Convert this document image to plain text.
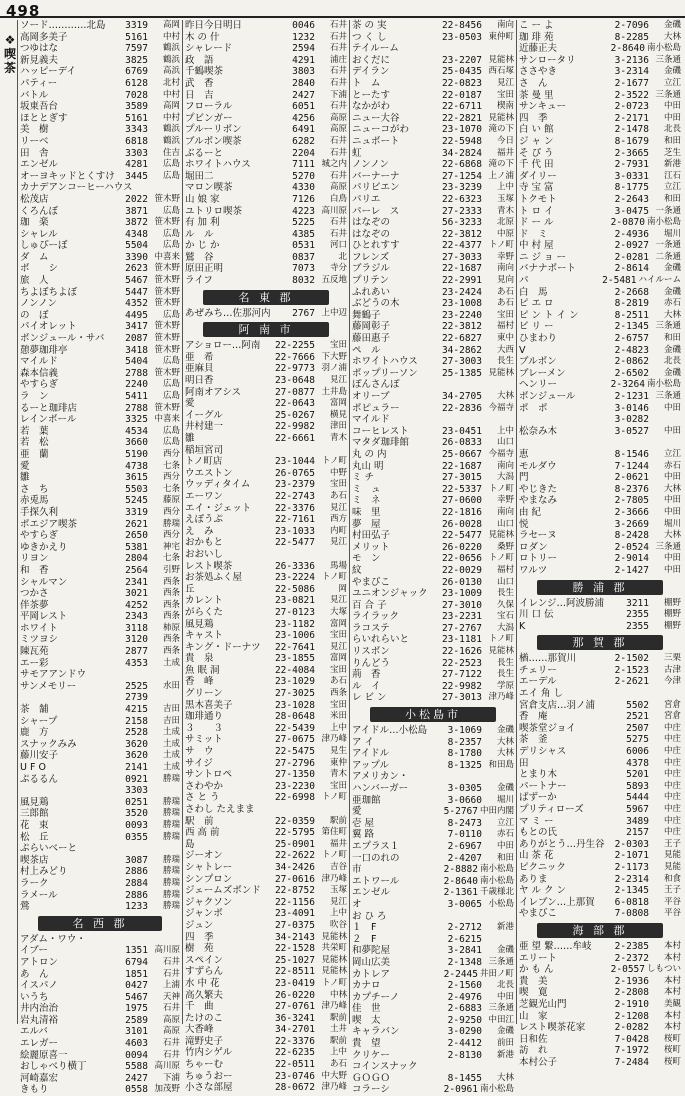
498
❖喫茶
ソード…………北島	3319	高岡
高岡多美子	5161	中村
つゆはな	7597	鶴浜
新見義夫	3825	鶴浜
ハッピーデイ	6769	高浜
パティー	6128	北村
バトル	7028	中村
坂東吾台	3589	高岡
ほととぎす	5161	中村
美　樹	3343	鶴浜
リーベ	6818	鶴浜
田　舎	3303	住吉
エンゼル	4281	広島
オーヨキッドとくすけ	3445	広島
カナデアンコーヒーハウス
松茂店	2022 笹木野
くろんぼ	3871	広島
珈　楽	3872 笹木野
シャレル	4348	広島
しゅぴーぼ	5504	広島
ダ　ム	3390 中喜来
ボ　　シ	2623 笹木野
旅　人	5467 笹木野
ちよぼちよぼ	5447 笹木野
ノンノン	4352 笹木野
の　ぼ	4495	広島
パイオレット	3417 笹木野
ボンジュール・サバ	2087 笹木野
憩夢珈琲亭	3418 笹木野
マイルド	5404	広島
森本信義	2788 笹木野
やすらぎ	2240	広島
ラ　ン	5411	広島
るーと珈琲店	2788 笹木野
レインボール	3325 中喜来
若　葉	4534	広島
若　松	3660	広島
亜　蘭	5190	西分
愛	4738	七条
雛	3615	西分
さ　ち	5503	七条
赤兎馬	5245	藤原
手探久利	3319	西分
ポエジア喫茶	2621	勝瑞
やすらぎ	2650	西分
ゆきかえり	5381	神宅
リヨン	2804	七条
和　香	2564	引野
シャルマン	2341	西条
つかさ	3021	西条
伴茶夢	4252	西条
平岡レスト	2343	西条
ホワイト	3118	柿原
ミツヨシ	3120	西条
陳瓦苑	2877	西条
エー彩	4353	土成
サモアアンドウ
サンメモリー	2525	水田
2739
茶　舗	4215	吉田
シャープ	2158	吉田
鹿　方	2528	土成
スナックみみ	3620	土成
藤川安子	3620	土成
U F O	2141	土成
ぷるるん	0921	勝瑞
3303
風見鶏	0251	勝瑞
三郎館	3520	勝瑞
花　束	0093	勝瑞
松　丘	0355	勝瑞
ぷらいべーと
喫茶店	3087	勝瑞
村上みどり	2886	勝瑞
ラーク	2884	勝瑞
ラメール	2886	勝瑞
鶯	1233	勝瑞
名 西 郡
アダム・ワウ・
イブー	1351 高川原
アトロン	6794	石井
あ　ん	1851	石井
イスパノ	0427	上浦
いうち	5467	天神
井内治治	1975	石井
岩丸清裕	2589	高原
エルバ	3101	高原
エレガー	4603	石井
絵麗原喜一	0094	石井
おしゃべり横丁	5588 高川原
河崎嘉宏	2427	下浦
きもり	0558 加茂野
昨日今日明日	0046	石井
木 の 什	1232	石井
シャレード	2594	石井
政　語	4291	浦庄
千鶴喫茶	3803	石井
武　香	2840	石井
日　吉	2427	下浦
フローラル	6051	石井
プビンガー	4256	高原
プルーリボン	6491	高原
ブルボン喫茶	6282	石井
ぶるーと	2204	石井
ホワイトハウス	7111 城之内
堀田二	5270	石井
マロン喫茶	4330	高原
山 娘 家	7126	白鳥
ユトリロ喫茶	4223 高川原
有 加 利	5225	石井
ル　ル	4385	石井
か じ か	0531	河口
鷲　谷	0837	北
原田正明	7073	寺分
ライフ	8032 五反地
名 東 郡
あぜみち…佐那河内	2767 上中辺
阿 南 市
アショロー…阿南	22-2255	宝田
亜　希	22-7666 下大野
亜麻貝	22-9773 羽ノ浦
明日香	23-0648	見江
阿南オアシス	27-0877 土井島
愛	22-0643	富岡
イーグル	25-0267	横見
井村建一	22-9982	津田
雛	22-6661	青木
稲垣宮司
トノ町店	23-1044 トノ町
ウエストン	26-0765	中野
ウッディタイム	23-2379	宝田
エーワン	22-2743	あ石
エイ・ジェット	22-3376	見江
えぽうぷ	22-7161	西方
え　み	23-1033	内町
おかもと	22-5477	見江
おおいし
レスト喫茶	26-3336	馬場
お茶処ふく屋	23-2224 トノ町
丘	22-5086	岡
カレント	23-0821	見江
がらくた	27-0123	大塚
風見鶏	23-1182	富岡
キャスト	23-1006	宝田
キング・ドーナツ	22-7641	見江
貴　泉	23-1855	富岡
魚 眠 洞	22-4084	宝田
香　峰	23-1029	あ石
グリーン	27-3025	西条
黒木喜美子	23-1028	宝田
珈琲通り	28-0648	米田
３　　３	22-5439	上中
サミット	27-0675 津乃峰
サ　ウ	22-5475	見生
サイジ	27-2796	東仲
サントロペ	27-1350	青木
さわやか	23-2230	宝田
さ と う	22-6998 トノ町
さわし たえまま
駅　前	22-0359	駅前
西 高 前	22-5795 第住町
島	25-0901	福井
ジーオン	22-2622 トノ町
シャトレー	34-2426	吉谷
シンプロン	27-0616 津乃峰
ジェームズボンド	22-8752	玉塚
ジャクソン	22-1156	見江
ジャンボ	23-4091	上中
ジュン	27-0375	吹谷
四　季	34-2143 見能林
樹　苑	22-1528 共栄町
スペイン	25-1027 見能林
すずらん	22-8511 見能林
水 中 花	23-0419 トノ町
高久繁夫	26-0220	中林
千　曲	27-0761 津乃峰
たけのこ	36-3241	駅前
大香峰	34-2701	土井
滝野史子	22-3376	駅前
竹内シゲル	22-6235	上中
ちゃーむ	22-0511	あ石
ちゅうおー	23-0746 中大野
小さな部屋	28-0672 津乃峰
茶 の 実	22-8456	南向
つ く し	23-0503 東仲町
テイルーム
おくだに	23-2207 見能林
デイラン	25-0435 西石塚
ト　ム	22-0823	見江
とーたす	22-0187	宝田
なかがわ	22-6711	楔南
ニュー大谷	22-2821 見能林
ニューコがわ	23-1070 滝の下
ニュボート	22-5948	今日
虹	34-2824	福井
ノンノン	22-6868 滝の下
バーナーナ	27-1254 上ノ浦
パリビエン	23-3239	上中
パリエ	22-6323	玉塚
パーレ　ス	27-2333	青木
はなぞの	56-3233	北原
はなぞの	22-3812	中原
ひとれすす	22-4377 トノ町
フレンズ	27-3033	幸野
ブラジル	22-1687	南向
プリテン	22-2991	見向
ふれあい	23-2424	あ石
ぶどうの木	23-1008	あ石
舞鶴子	23-2240	宝田
藤岡彰子	22-3812	福村
藤田惠子	22-6827	東中
ペ　ル	34-2862	大西
ホワイトハウス	27-3003	長生
ポップリーソン	25-1385 見能林
ぽんさんぽ
オリーブ	34-2705	大林
ポピュラー	22-2836 今福寺
マイルド
コーヒレスト	23-0451	上中
マタダ珈琲館	26-0833	山口
丸 の 内	25-0667 今福寺
丸山 明	22-1687	南向
ミ チ	27-3015	大潟
ミ　ュ	22-5337 トノ町
ミ　ネ	27-0600	幸野
味　里	22-1816	南向
夢　屋	26-0028	山口
村田弘子	22-5477 見能林
メリット	26-0220	桑野
モ　ン	22-0656 トノ町
紋	22-0029	福村
やまびこ	26-0130	山口
ユニオンジャック	23-1009	長生
百 合 子	27-3010	久保
ライラック	23-2231	宝石
ラコステ	27-2767	大潟
らいれらいと	23-1181 トノ町
リスボン	22-1626 見能林
りんどう	22-2523	長生
荊　香	27-7122	長生
ル　イ	22-9982	学原
レ ビ ン	27-3013 津乃峰
小松島市
アイドル…小松島	3-1069	金磯
ア イ	8-2357	大林
アイドル	8-1780	大林
アップル	8-1325 和田島
アメリカン・
ハンバーガー	3-0305	金磯
亜珈館	3-0660	堀川
愛	5-2767 中田内閣
壱 屋	8-2473	立江
翼 路	7-0110	赤石
エプラス１	2-6967	中田
一口のれの	2-4207	和田
市	2-8882 南小松島
エトワール	2-8640 南小松島
エンゼル	2-1361 千歳様北
オ	3-0065 小松島
お ひ ろ
１　F	2-2712	新港
２　F	2-6215
和夢陀屋	3-2841	金磯
岡山広美	2-1348 三条通
カトレア	2-2445 井田ノ町
カナロ	2-1560	北長
カプチーノ	2-4976	中田
佳　世	2-6883 三条通
喫　太	2-9250 中田江
キャラバン	3-0290	金磯
貴　望	2-4412	前田
クリケー	2-8130	新港
コインスナック
ＧＯＧＯ	8-1455	大林
コラーシ	2-0961 南小松島
こ ー よ	2-7096	金磯
珈 琲 苑	8-2285	大林
近藤正夫	2-8640 南小松島
サンロータリ	3-2136 三条通
ささやき	3-2314	金磯
さ　ん	2-1677	立江
茶 曼 里	2-3522 三条通
サンキュー	2-0723	中田
四　季	2-2171	中田
白 い 館	2-1478	北長
ジ ャ ン	8-1679	和田
そ ぴ う	2-3665	芝生
千 代 田	2-7931	新港
ダイリー	3-0331	江石
寺 宝 富	8-1775	立江
トクモト	2-2643	和田
ト ロ イ	3-0475 一条通
ド ー ル	2-0870 南小松島
ド　ミ	2-4936	堀川
中 村 屋	2-0927 一条通
ニ ジ ョ ー	2-0281 二条通
バナナボート	2-8614	金磯
パ	2-5481 ハイルーム
白　馬	2-2668	金磯
ピ エ ロ	8-2819	赤石
ピ ン ト イ ン	8-2511	大林
ビ リ ー	2-1345 三条通
ひまわり	2-6757	和田
V	2-4823	金磯
ブルボン	2-0862	北長
ブレーメン	2-6502	金磯
ヘンリー	2-3264 南小松島
ボンジュール	2-1231 三条通
ポ　ポ	3-0146	中田
3-0282
松奈み木	3-0527	中田
恵	8-1546	立江
モルダウ	7-1244	赤石
門	2-0621	中田
やじきた	8-2376	大林
やまなみ	2-7805	中田
由 紀	2-3666	中田
悦	3-2669	堀川
ラセーヌ	8-2428	大林
ロダン	2-0524 三条通
ロトリー	2-9014	中田
ワルツ	2-1427	中田
勝 浦 郡
イレンジ…阿波勝浦	3211	棚野
川 口 伝	2355	棚野
K	2355	棚野
那 賀 郡
楢……那賀川	2-1502	三栗
チェリー	2-1523	古津
エーデル	2-2621	今津
エイ 角 し
宮倉支店…羽ノ浦	5502	宮倉
香　庵	2521	宮倉
喫茶堂ジョイ	2507	中庄
茶　釜	5275	中庄
デリシャス	6006	中庄
田	4378	中庄
とまり木	5201	中庄
パートナー	5893	中庄
ばずーか	5444	中庄
プリティローズ	5967	中庄
マ ミ ー	3489	中庄
もとの氏	2157	中庄
ありがとう…丹生谷	2-0303	王子
山 茶 花	2-1071	見能
ピクニック	2-1173	見能
ありま	2-2314	和食
ヤ ル ク ン	2-1345	王子
イレブン…上那賀	6-0818	平谷
やまびこ	7-0808	平谷
海 部 郡
亜 望 繋……牟岐	2-2385	本村
エリート	2-2372	本村
か も ん	2-0557 しもつい
貴　美	2-1936	本村
喫　寛	2-2808	本村
芝観光山門	2-1910	美観
山　家	2-1208	本村
レスト喫茶花家	2-0282	本村
日和佐	7-0428	桜町
訪　れ	7-1972	桜町
本村公子	7-2484	桜町
